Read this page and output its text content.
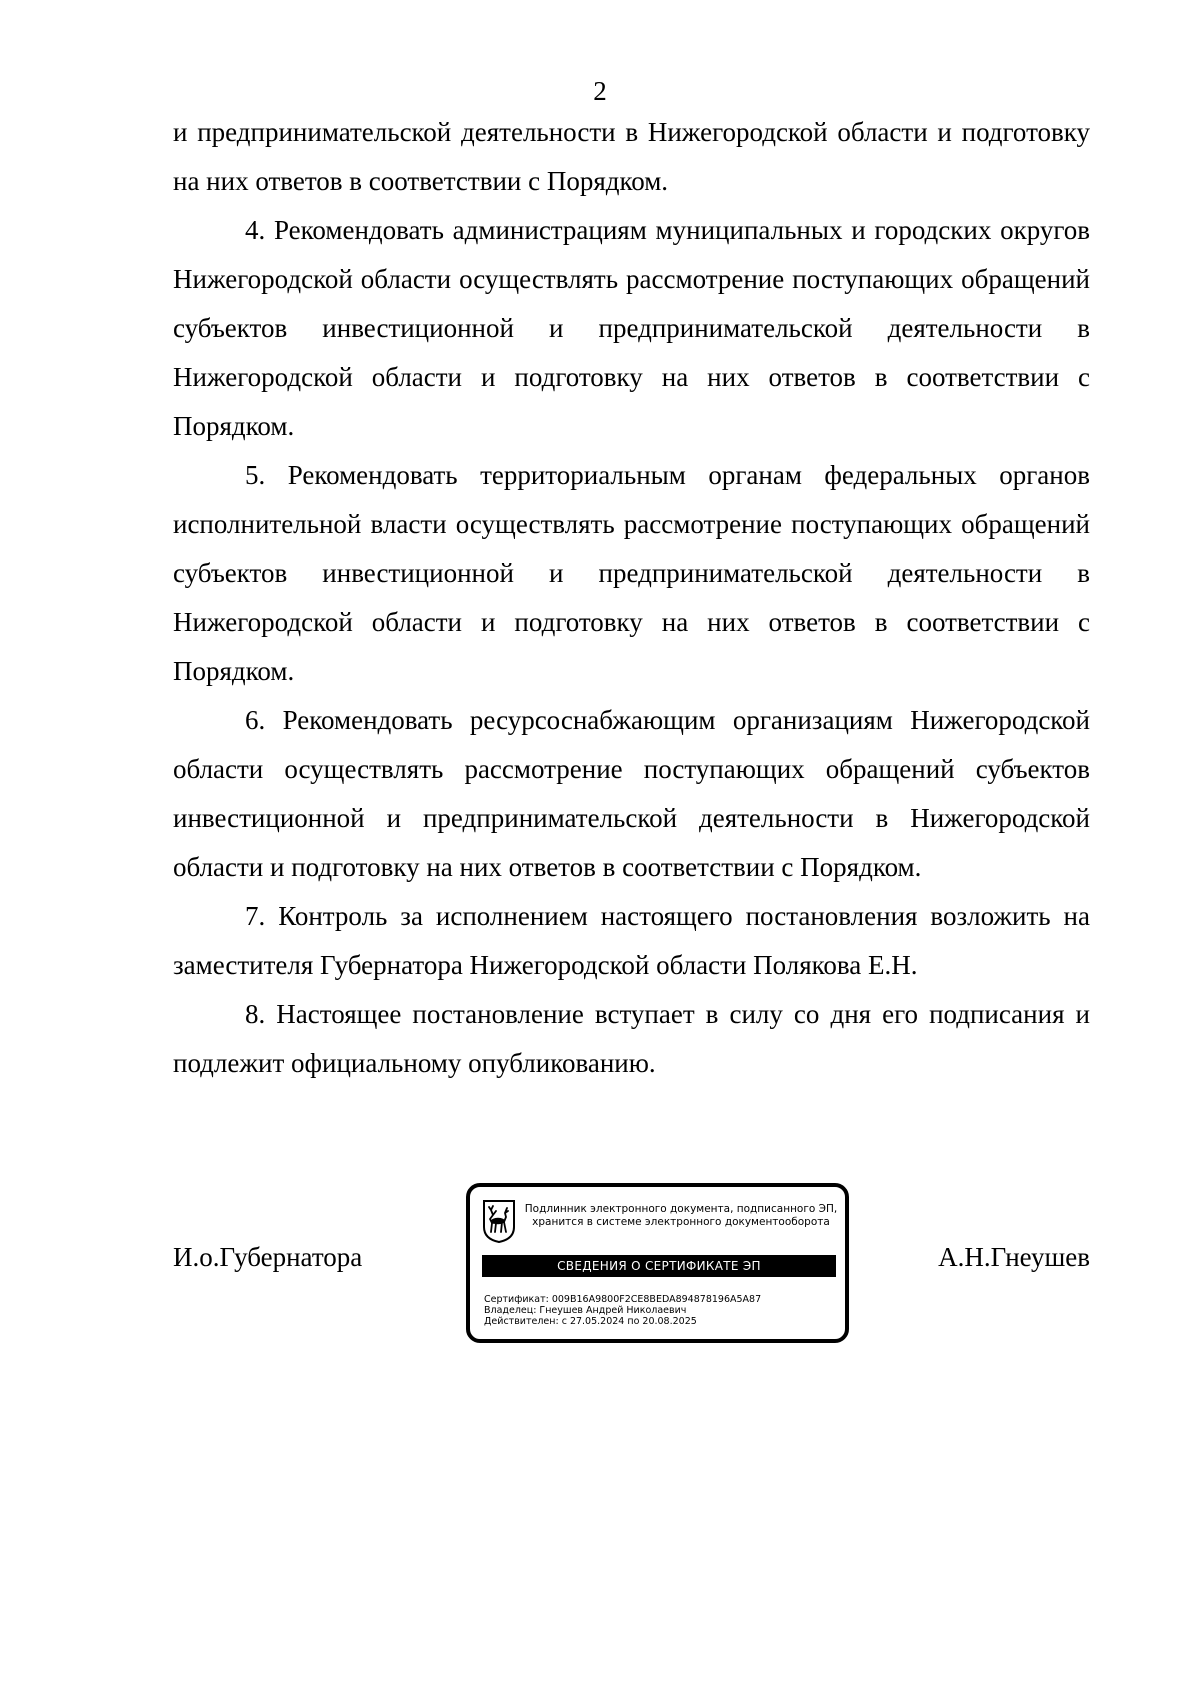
2

и предпринимательской деятельности в Нижегородской области и подготовку на них ответов в соответствии с Порядком.

4. Рекомендовать администрациям муниципальных и городских округов Нижегородской области осуществлять рассмотрение поступающих обращений субъектов инвестиционной и предпринимательской деятельности в Нижегородской области и подготовку на них ответов в соответствии с Порядком.

5. Рекомендовать территориальным органам федеральных органов исполнительной власти осуществлять рассмотрение поступающих обращений субъектов инвестиционной и предпринимательской деятельности в Нижегородской области и подготовку на них ответов в соответствии с Порядком.

6. Рекомендовать ресурсоснабжающим организациям Нижегородской области осуществлять рассмотрение поступающих обращений субъектов инвестиционной и предпринимательской деятельности в Нижегородской области и подготовку на них ответов в соответствии с Порядком.

7. Контроль за исполнением настоящего постановления возложить на заместителя Губернатора Нижегородской области Полякова Е.Н.

8. Настоящее постановление вступает в силу со дня его подписания и подлежит официальному опубликованию.

И.о.Губернатора
Подлинник электронного документа, подписанного ЭП,
хранится в системе электронного документооборота
СВЕДЕНИЯ О СЕРТИФИКАТЕ ЭП
Сертификат: 009B16A9800F2CE8BEDA894878196A5A87
Владелец: Гнеушев Андрей Николаевич
Действителен: с 27.05.2024 по 20.08.2025
А.Н.Гнеушев
